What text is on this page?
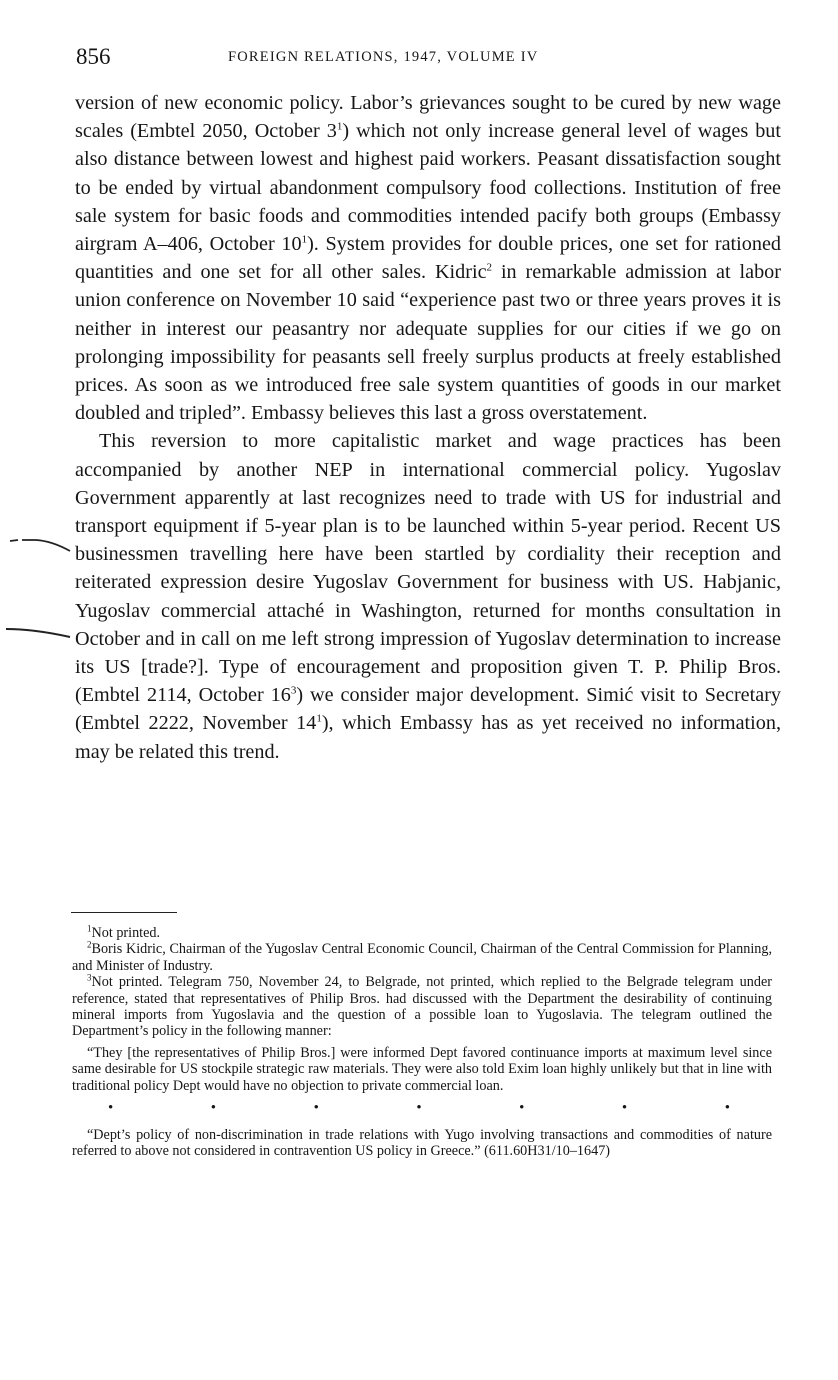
856	FOREIGN RELATIONS, 1947, VOLUME IV

version of new economic policy. Labor’s grievances sought to be cured by new wage scales (Embtel 2050, October $3^1$) which not only increase general level of wages but also distance between lowest and highest paid workers. Peasant dissatisfaction sought to be ended by virtual abandonment compulsory food collections. Institution of free sale system for basic foods and commodities intended pacify both groups (Embassy airgram A–406, October $10^1$). System provides for double prices, one set for rationed quantities and one set for all other sales. Kidric$^2$ in remarkable admission at labor union conference on November 10 said “experience past two or three years proves it is neither in interest our peasantry nor adequate supplies for our cities if we go on prolonging impossibility for peasants sell freely surplus products at freely established prices. As soon as we introduced free sale system quantities of goods in our market doubled and tripled”. Embassy believes this last a gross overstatement.

This reversion to more capitalistic market and wage practices has been accompanied by another NEP in international commercial policy. Yugoslav Government apparently at last recognizes need to trade with US for industrial and transport equipment if 5-year plan is to be launched within 5-year period. Recent US businessmen travelling here have been startled by cordiality their reception and reiterated expression desire Yugoslav Government for business with US. Habjanic, Yugoslav commercial attaché in Washington, returned for months consultation in October and in call on me left strong impression of Yugoslav determination to increase its US [trade?]. Type of encouragement and proposition given T. P. Philip Bros. (Embtel 2114, October $16^3$) we consider major development. Simić visit to Secretary (Embtel 2222, November $14^1$), which Embassy has as yet received no information, may be related this trend.

$^1$Not printed.

$^2$Boris Kidric, Chairman of the Yugoslav Central Economic Council, Chairman of the Central Commission for Planning, and Minister of Industry.

$^3$Not printed. Telegram 750, November 24, to Belgrade, not printed, which replied to the Belgrade telegram under reference, stated that representatives of Philip Bros. had discussed with the Department the desirability of continuing mineral imports from Yugoslavia and the question of a possible loan to Yugoslavia. The telegram outlined the Department’s policy in the following manner:

“They [the representatives of Philip Bros.] were informed Dept favored continuance imports at maximum level since same desirable for US stockpile strategic raw materials. They were also told Exim loan highly unlikely but that in line with traditional policy Dept would have no objection to private commercial loan.

•	•	•	•	•	•	•

“Dept’s policy of non-discrimination in trade relations with Yugo involving transactions and commodities of nature referred to above not considered in contravention US policy in Greece.” (611.60H31/10–1647)
